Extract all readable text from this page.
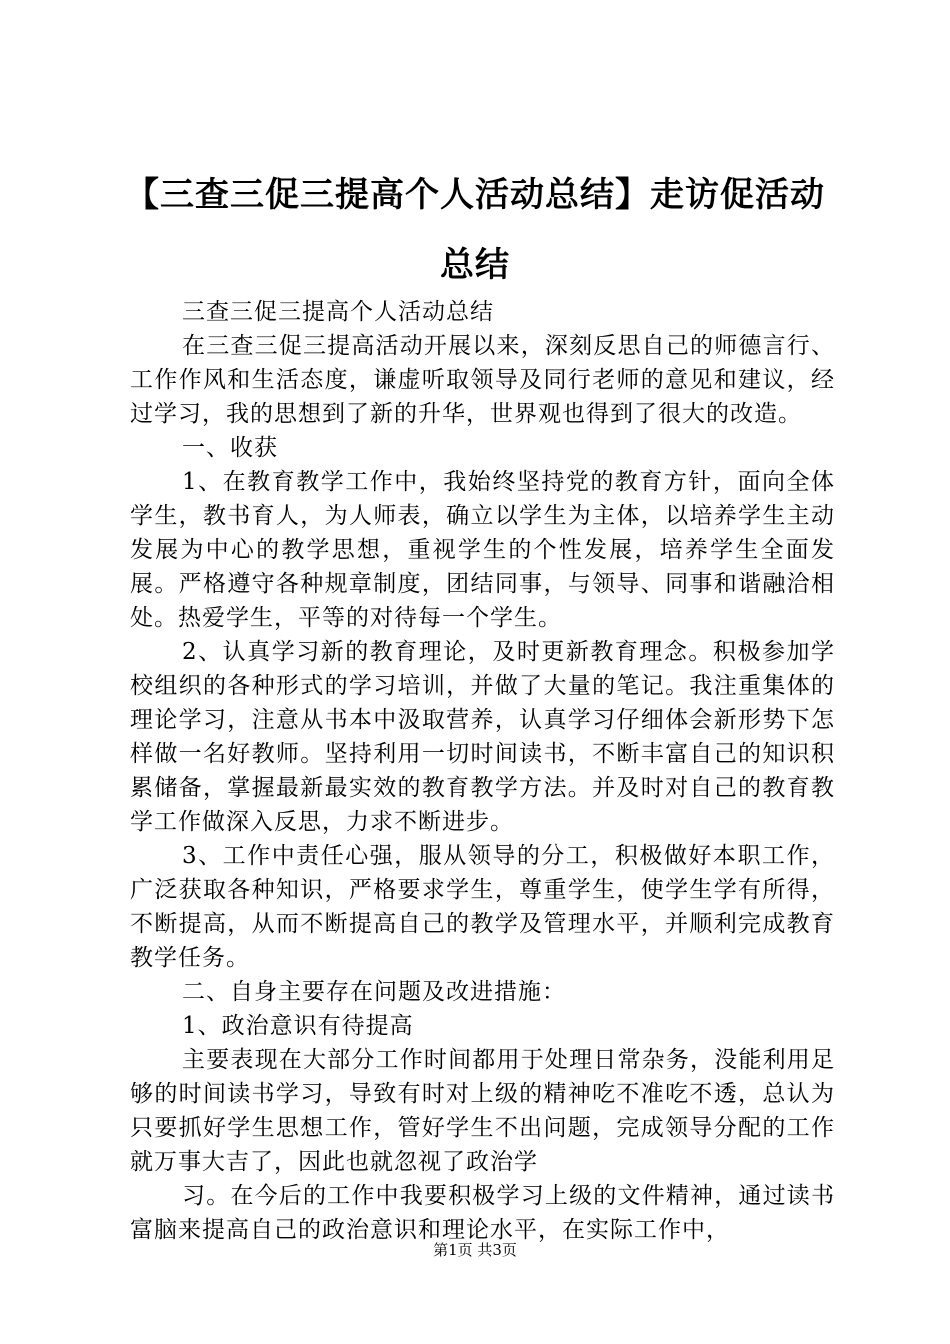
【三查三促三提高个人活动总结】走访促活动总结

三查三促三提高个人活动总结

在三查三促三提高活动开展以来，深刻反思自己的师德言行、工作作风和生活态度，谦虚听取领导及同行老师的意见和建议，经过学习，我的思想到了新的升华，世界观也得到了很大的改造。

一、收获

1、在教育教学工作中，我始终坚持党的教育方针，面向全体学生，教书育人，为人师表，确立以学生为主体，以培养学生主动发展为中心的教学思想，重视学生的个性发展，培养学生全面发展。严格遵守各种规章制度，团结同事，与领导、同事和谐融洽相处。热爱学生，平等的对待每一个学生。

2、认真学习新的教育理论，及时更新教育理念。积极参加学校组织的各种形式的学习培训，并做了大量的笔记。我注重集体的理论学习，注意从书本中汲取营养，认真学习仔细体会新形势下怎样做一名好教师。坚持利用一切时间读书，不断丰富自己的知识积累储备，掌握最新最实效的教育教学方法。并及时对自己的教育教学工作做深入反思，力求不断进步。

3、工作中责任心强，服从领导的分工，积极做好本职工作，广泛获取各种知识，严格要求学生，尊重学生，使学生学有所得，不断提高，从而不断提高自己的教学及管理水平，并顺利完成教育教学任务。

二、自身主要存在问题及改进措施：

1、政治意识有待提高

主要表现在大部分工作时间都用于处理日常杂务，没能利用足够的时间读书学习，导致有时对上级的精神吃不准吃不透，总认为只要抓好学生思想工作，管好学生不出问题，完成领导分配的工作就万事大吉了，因此也就忽视了政治学

习。在今后的工作中我要积极学习上级的文件精神，通过读书富脑来提高自己的政治意识和理论水平，在实际工作中，

第1页 共3页
